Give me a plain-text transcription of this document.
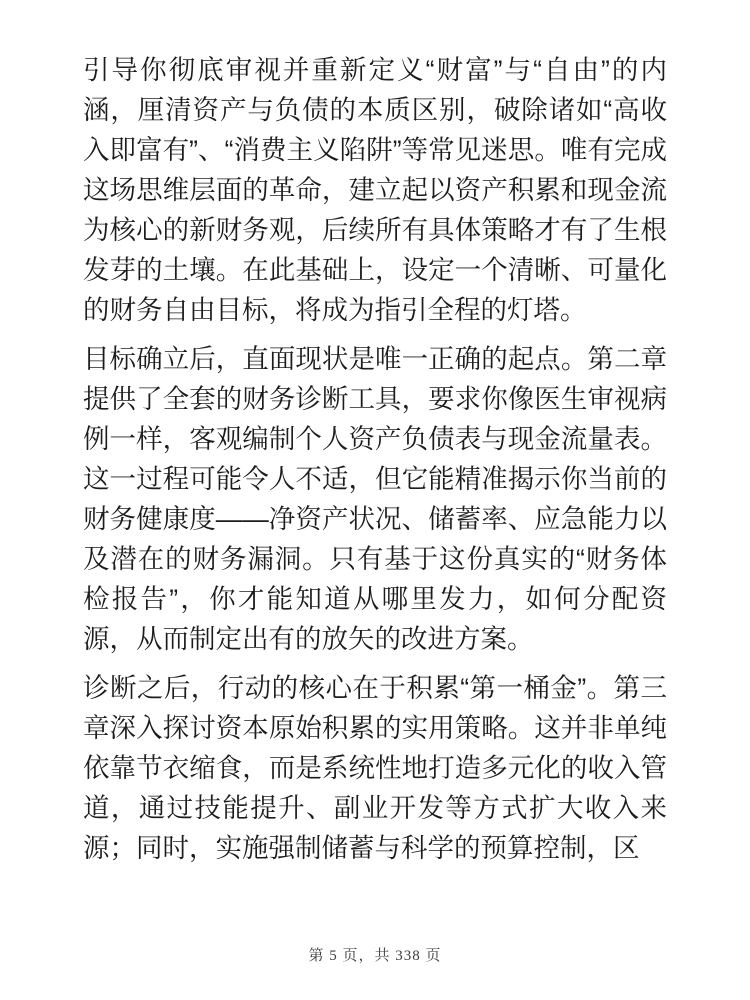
引导你彻底审视并重新定义“财富”与“自由”的内涵，厘清资产与负债的本质区别，破除诸如“高收入即富有”、“消费主义陷阱”等常见迷思。唯有完成这场思维层面的革命，建立起以资产积累和现金流为核心的新财务观，后续所有具体策略才有了生根发芽的土壤。在此基础上，设定一个清晰、可量化的财务自由目标，将成为指引全程的灯塔。

目标确立后，直面现状是唯一正确的起点。第二章提供了全套的财务诊断工具，要求你像医生审视病例一样，客观编制个人资产负债表与现金流量表。这一过程可能令人不适，但它能精准揭示你当前的财务健康度——净资产状况、储蓄率、应急能力以及潜在的财务漏洞。只有基于这份真实的“财务体检报告”，你才能知道从哪里发力，如何分配资源，从而制定出有的放矢的改进方案。

诊断之后，行动的核心在于积累“第一桶金”。第三章深入探讨资本原始积累的实用策略。这并非单纯依靠节衣缩食，而是系统性地打造多元化的收入管道，通过技能提升、副业开发等方式扩大收入来源；同时，实施强制储蓄与科学的预算控制，区

第 5 页，共 338 页
